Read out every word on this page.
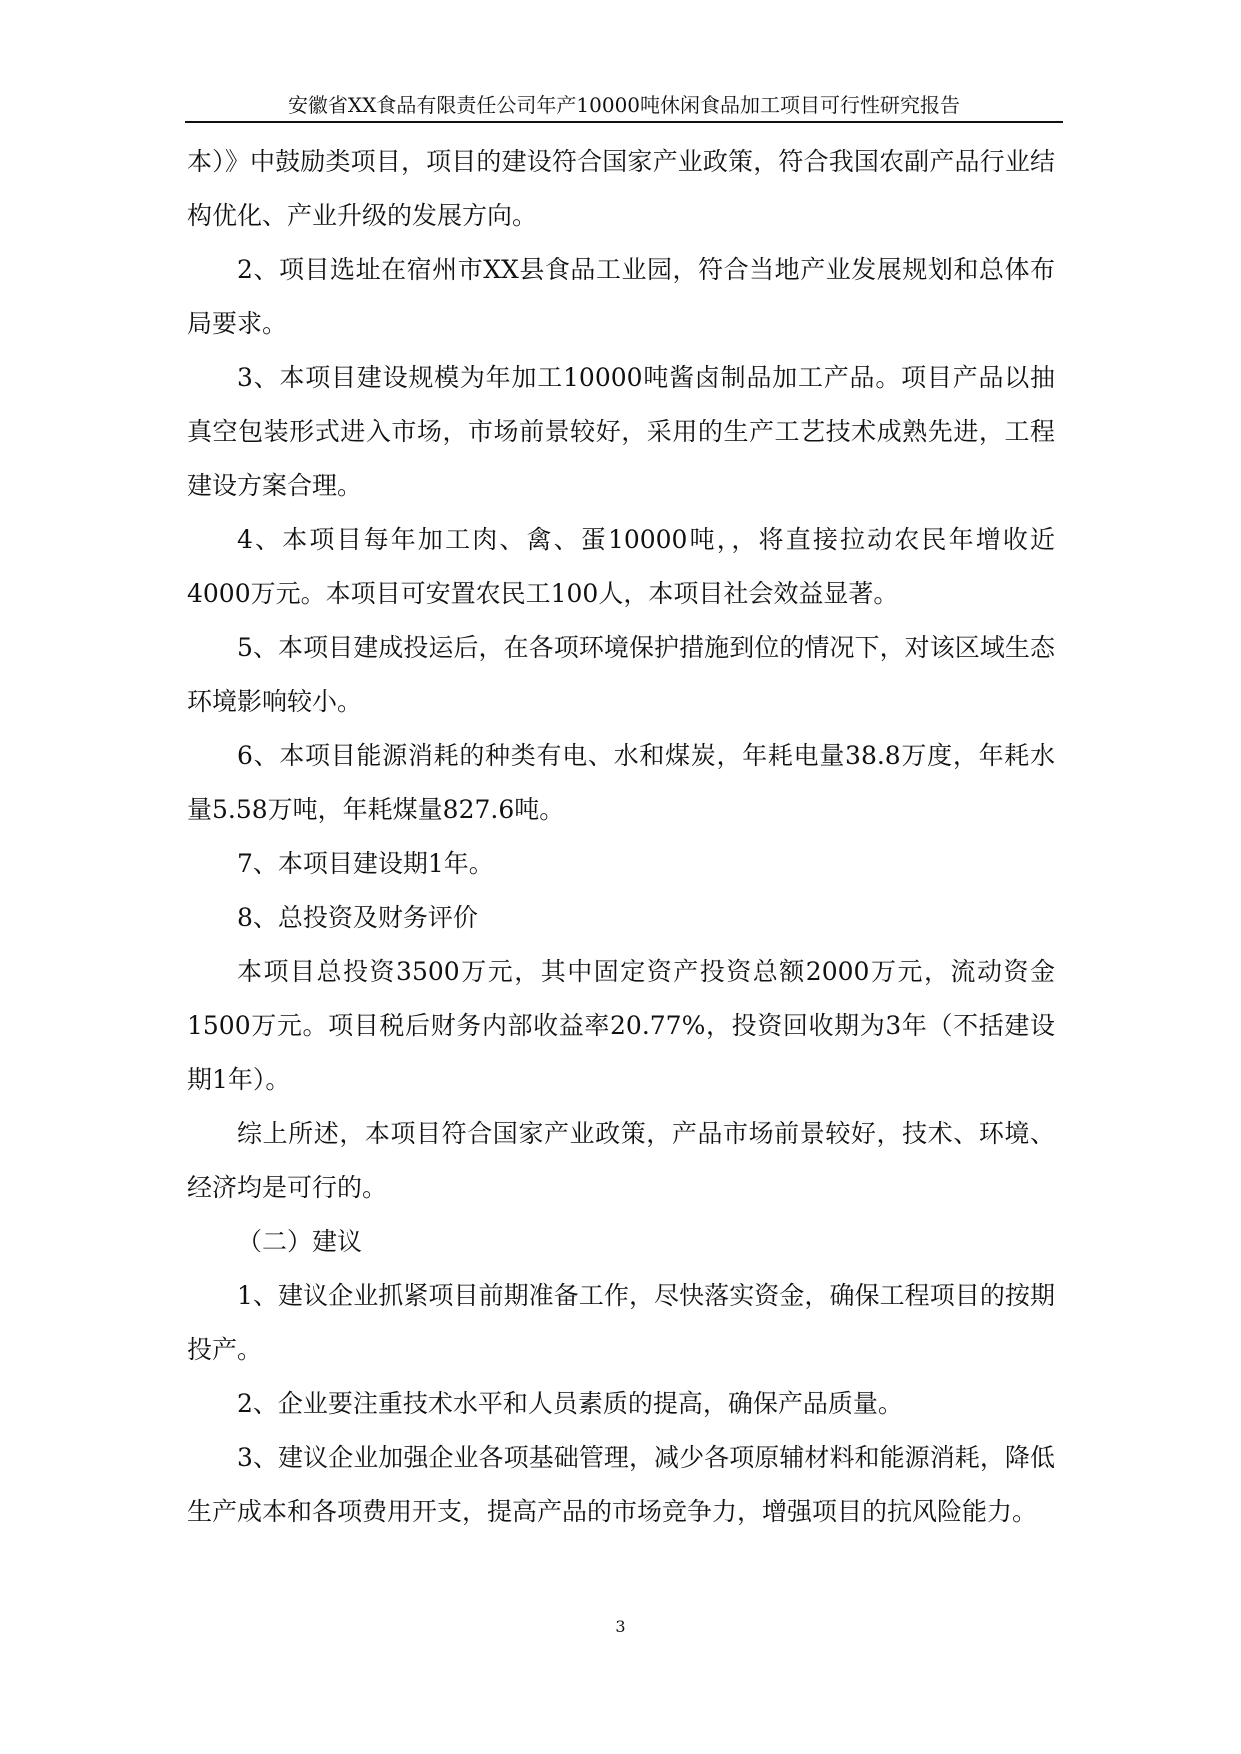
安徽省XX食品有限责任公司年产10000吨休闲食品加工项目可行性研究报告

本）》中鼓励类项目，项目的建设符合国家产业政策，符合我国农副产品行业结构优化、产业升级的发展方向。

2、项目选址在宿州市XX县食品工业园，符合当地产业发展规划和总体布局要求。

3、本项目建设规模为年加工10000吨酱卤制品加工产品。项目产品以抽真空包装形式进入市场，市场前景较好，采用的生产工艺技术成熟先进，工程建设方案合理。

4、本项目每年加工肉、禽、蛋10000吨，，将直接拉动农民年增收近4000万元。本项目可安置农民工100人，本项目社会效益显著。

5、本项目建成投运后，在各项环境保护措施到位的情况下，对该区域生态环境影响较小。

6、本项目能源消耗的种类有电、水和煤炭，年耗电量38.8万度，年耗水量5.58万吨，年耗煤量827.6吨。

7、本项目建设期1年。

8、总投资及财务评价

本项目总投资3500万元，其中固定资产投资总额2000万元，流动资金1500万元。项目税后财务内部收益率20.77%，投资回收期为3年（不括建设期1年）。

综上所述，本项目符合国家产业政策，产品市场前景较好，技术、环境、经济均是可行的。

（二）建议

1、建议企业抓紧项目前期准备工作，尽快落实资金，确保工程项目的按期投产。

2、企业要注重技术水平和人员素质的提高，确保产品质量。

3、建议企业加强企业各项基础管理，减少各项原辅材料和能源消耗，降低生产成本和各项费用开支，提高产品的市场竞争力，增强项目的抗风险能力。

3
